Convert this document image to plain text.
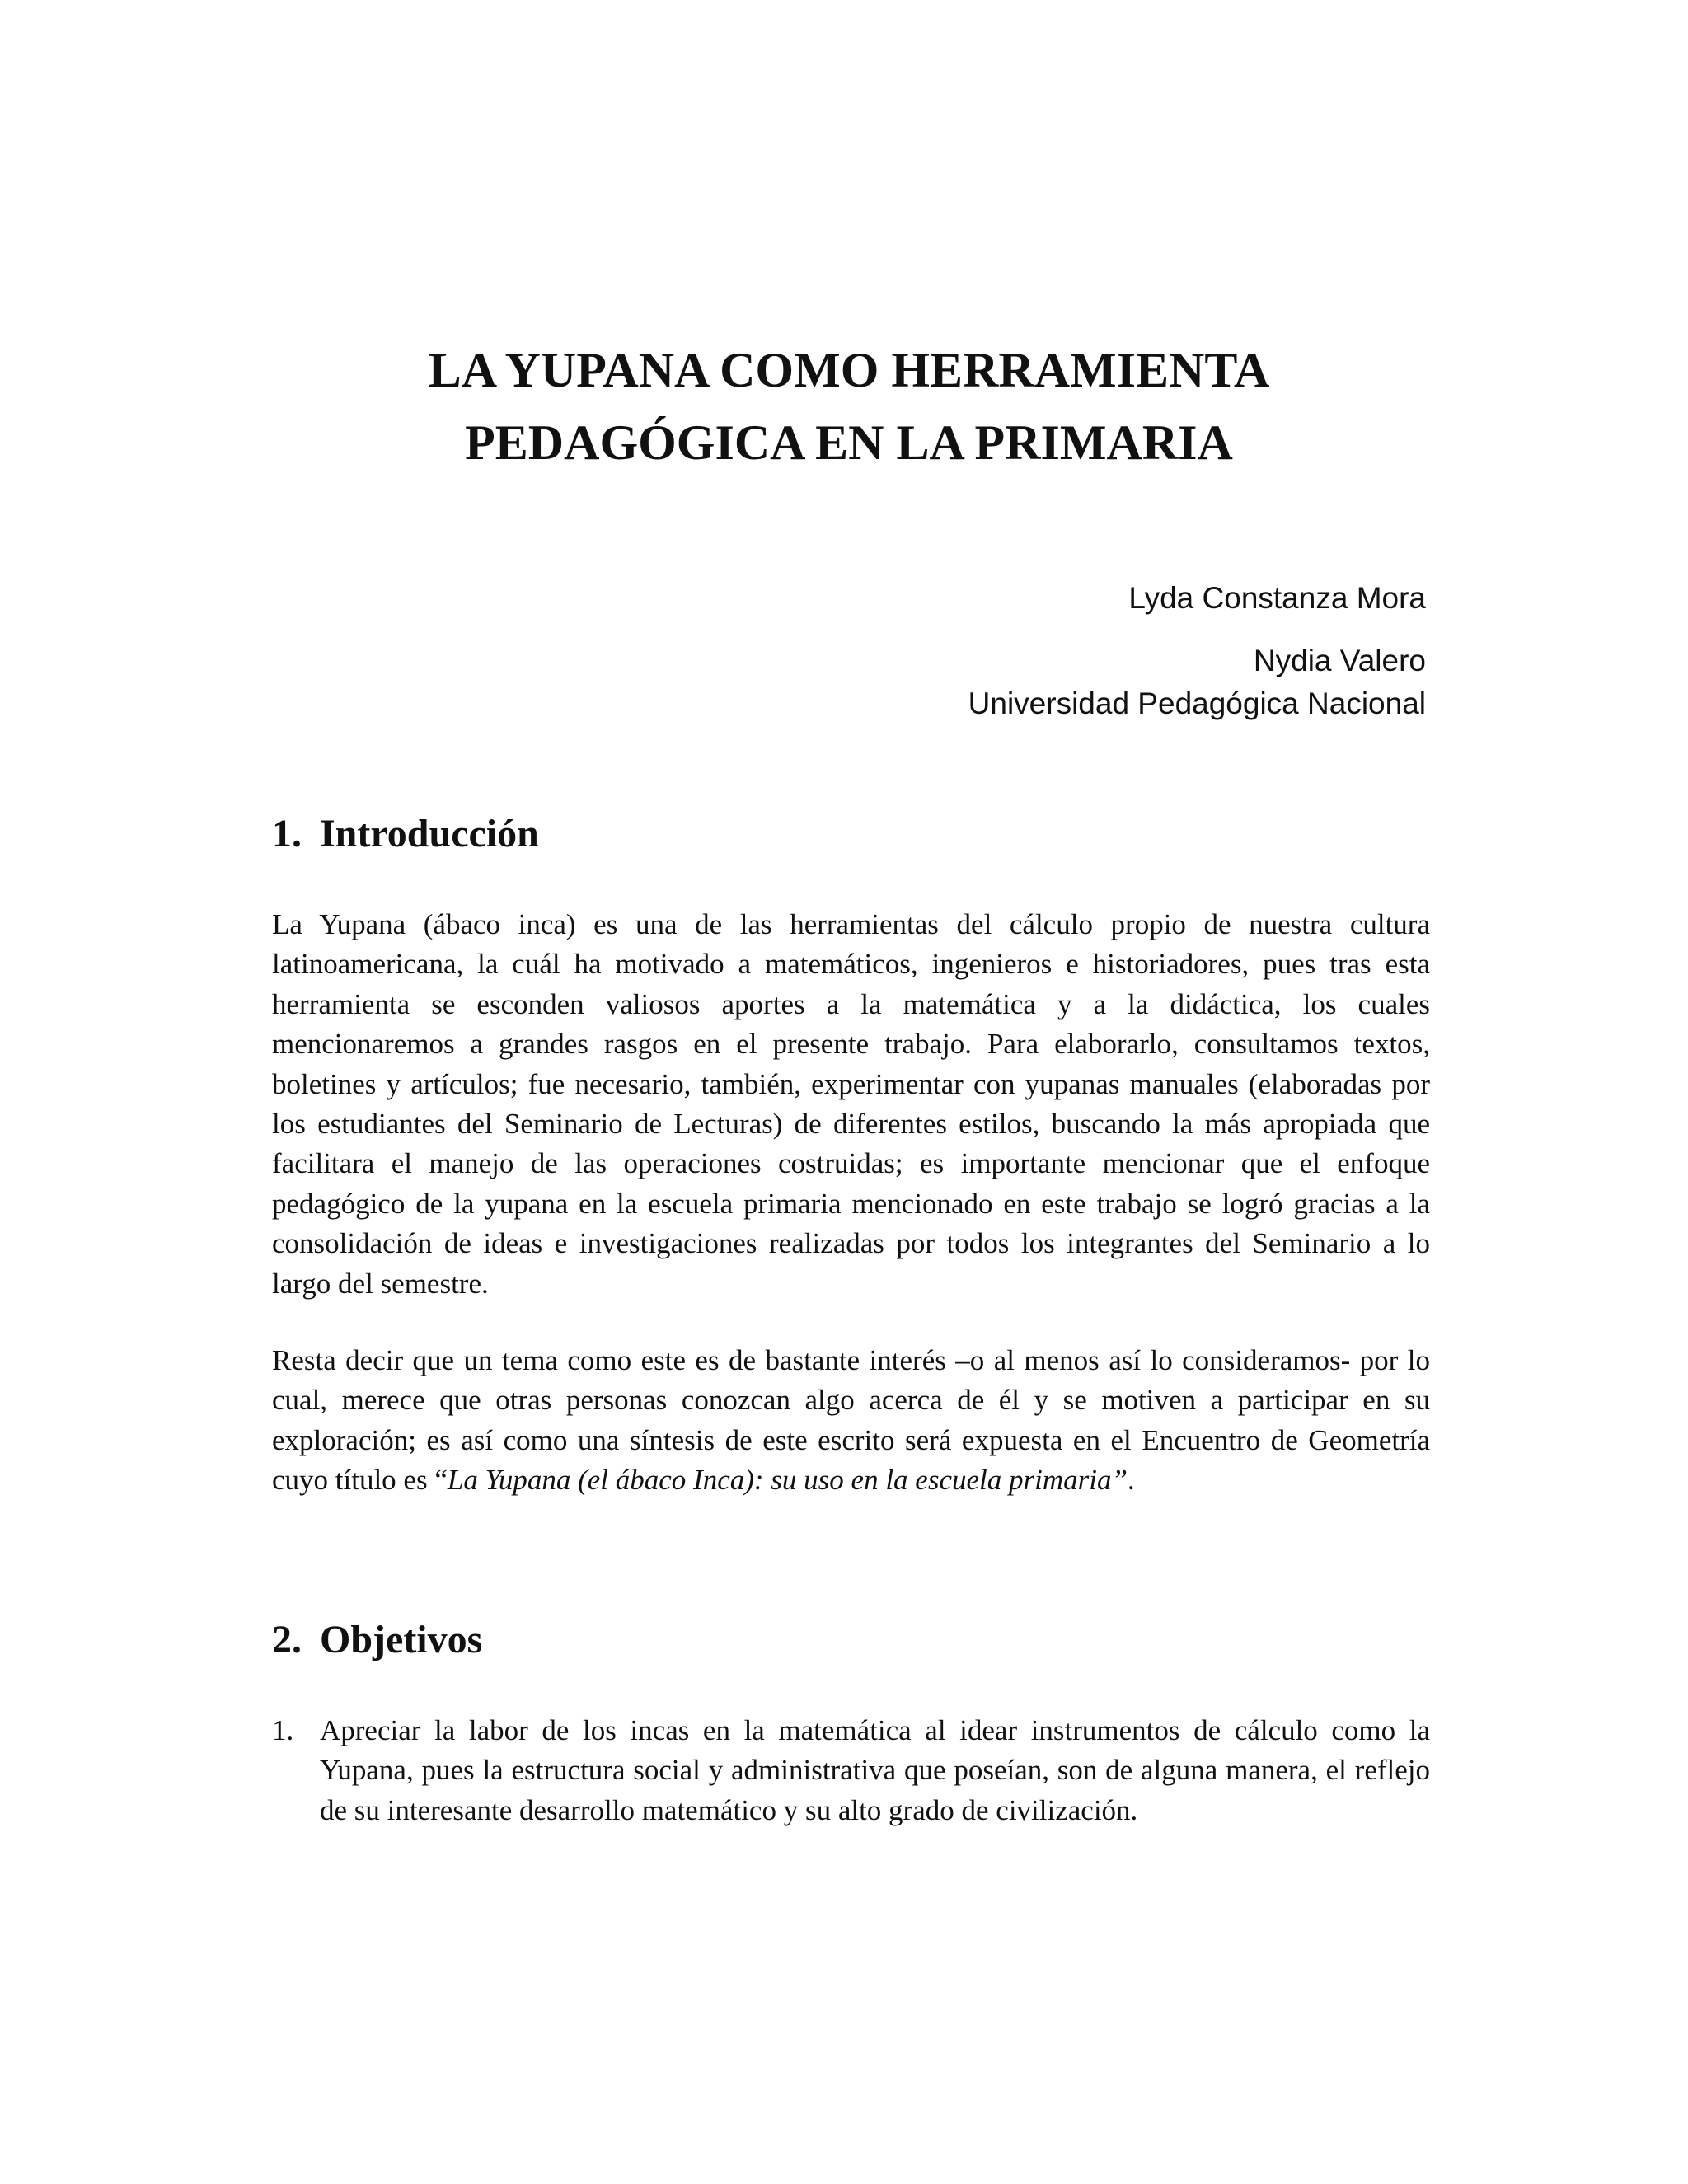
LA YUPANA COMO HERRAMIENTA
PEDAGÓGICA EN LA PRIMARIA
Lyda Constanza Mora
Nydia Valero
Universidad Pedagógica Nacional
1. Introducción

La Yupana (ábaco inca) es una de las herramientas del cálculo propio de nuestra cultura latinoamericana, la cuál ha motivado a matemáticos, ingenieros e historiadores, pues tras esta herramienta se esconden valiosos aportes a la matemática y a la didáctica, los cuales mencionaremos a grandes rasgos en el presente trabajo. Para elaborarlo, consultamos textos, boletines y artículos; fue necesario, también, experimentar con yupanas manuales (elaboradas por los estudiantes del Seminario de Lecturas) de diferentes estilos, buscando la más apropiada que facilitara el manejo de las operaciones costruidas; es importante mencionar que el enfoque pedagógico de la yupana en la escuela primaria mencionado en este trabajo se logró gracias a la consolidación de ideas e investigaciones realizadas por todos los integrantes del Seminario a lo largo del semestre.

Resta decir que un tema como este es de bastante interés –o al menos así lo consideramos- por lo cual, merece que otras personas conozcan algo acerca de él y se motiven a participar en su exploración; es así como una síntesis de este escrito será expuesta en el Encuentro de Geometría cuyo título es “La Yupana (el ábaco Inca): su uso en la escuela primaria”.

2. Objetivos
1. Apreciar la labor de los incas en la matemática al idear instrumentos de cálculo como la Yupana, pues la estructura social y administrativa que poseían, son de alguna manera, el reflejo de su interesante desarrollo matemático y su alto grado de civilización.
